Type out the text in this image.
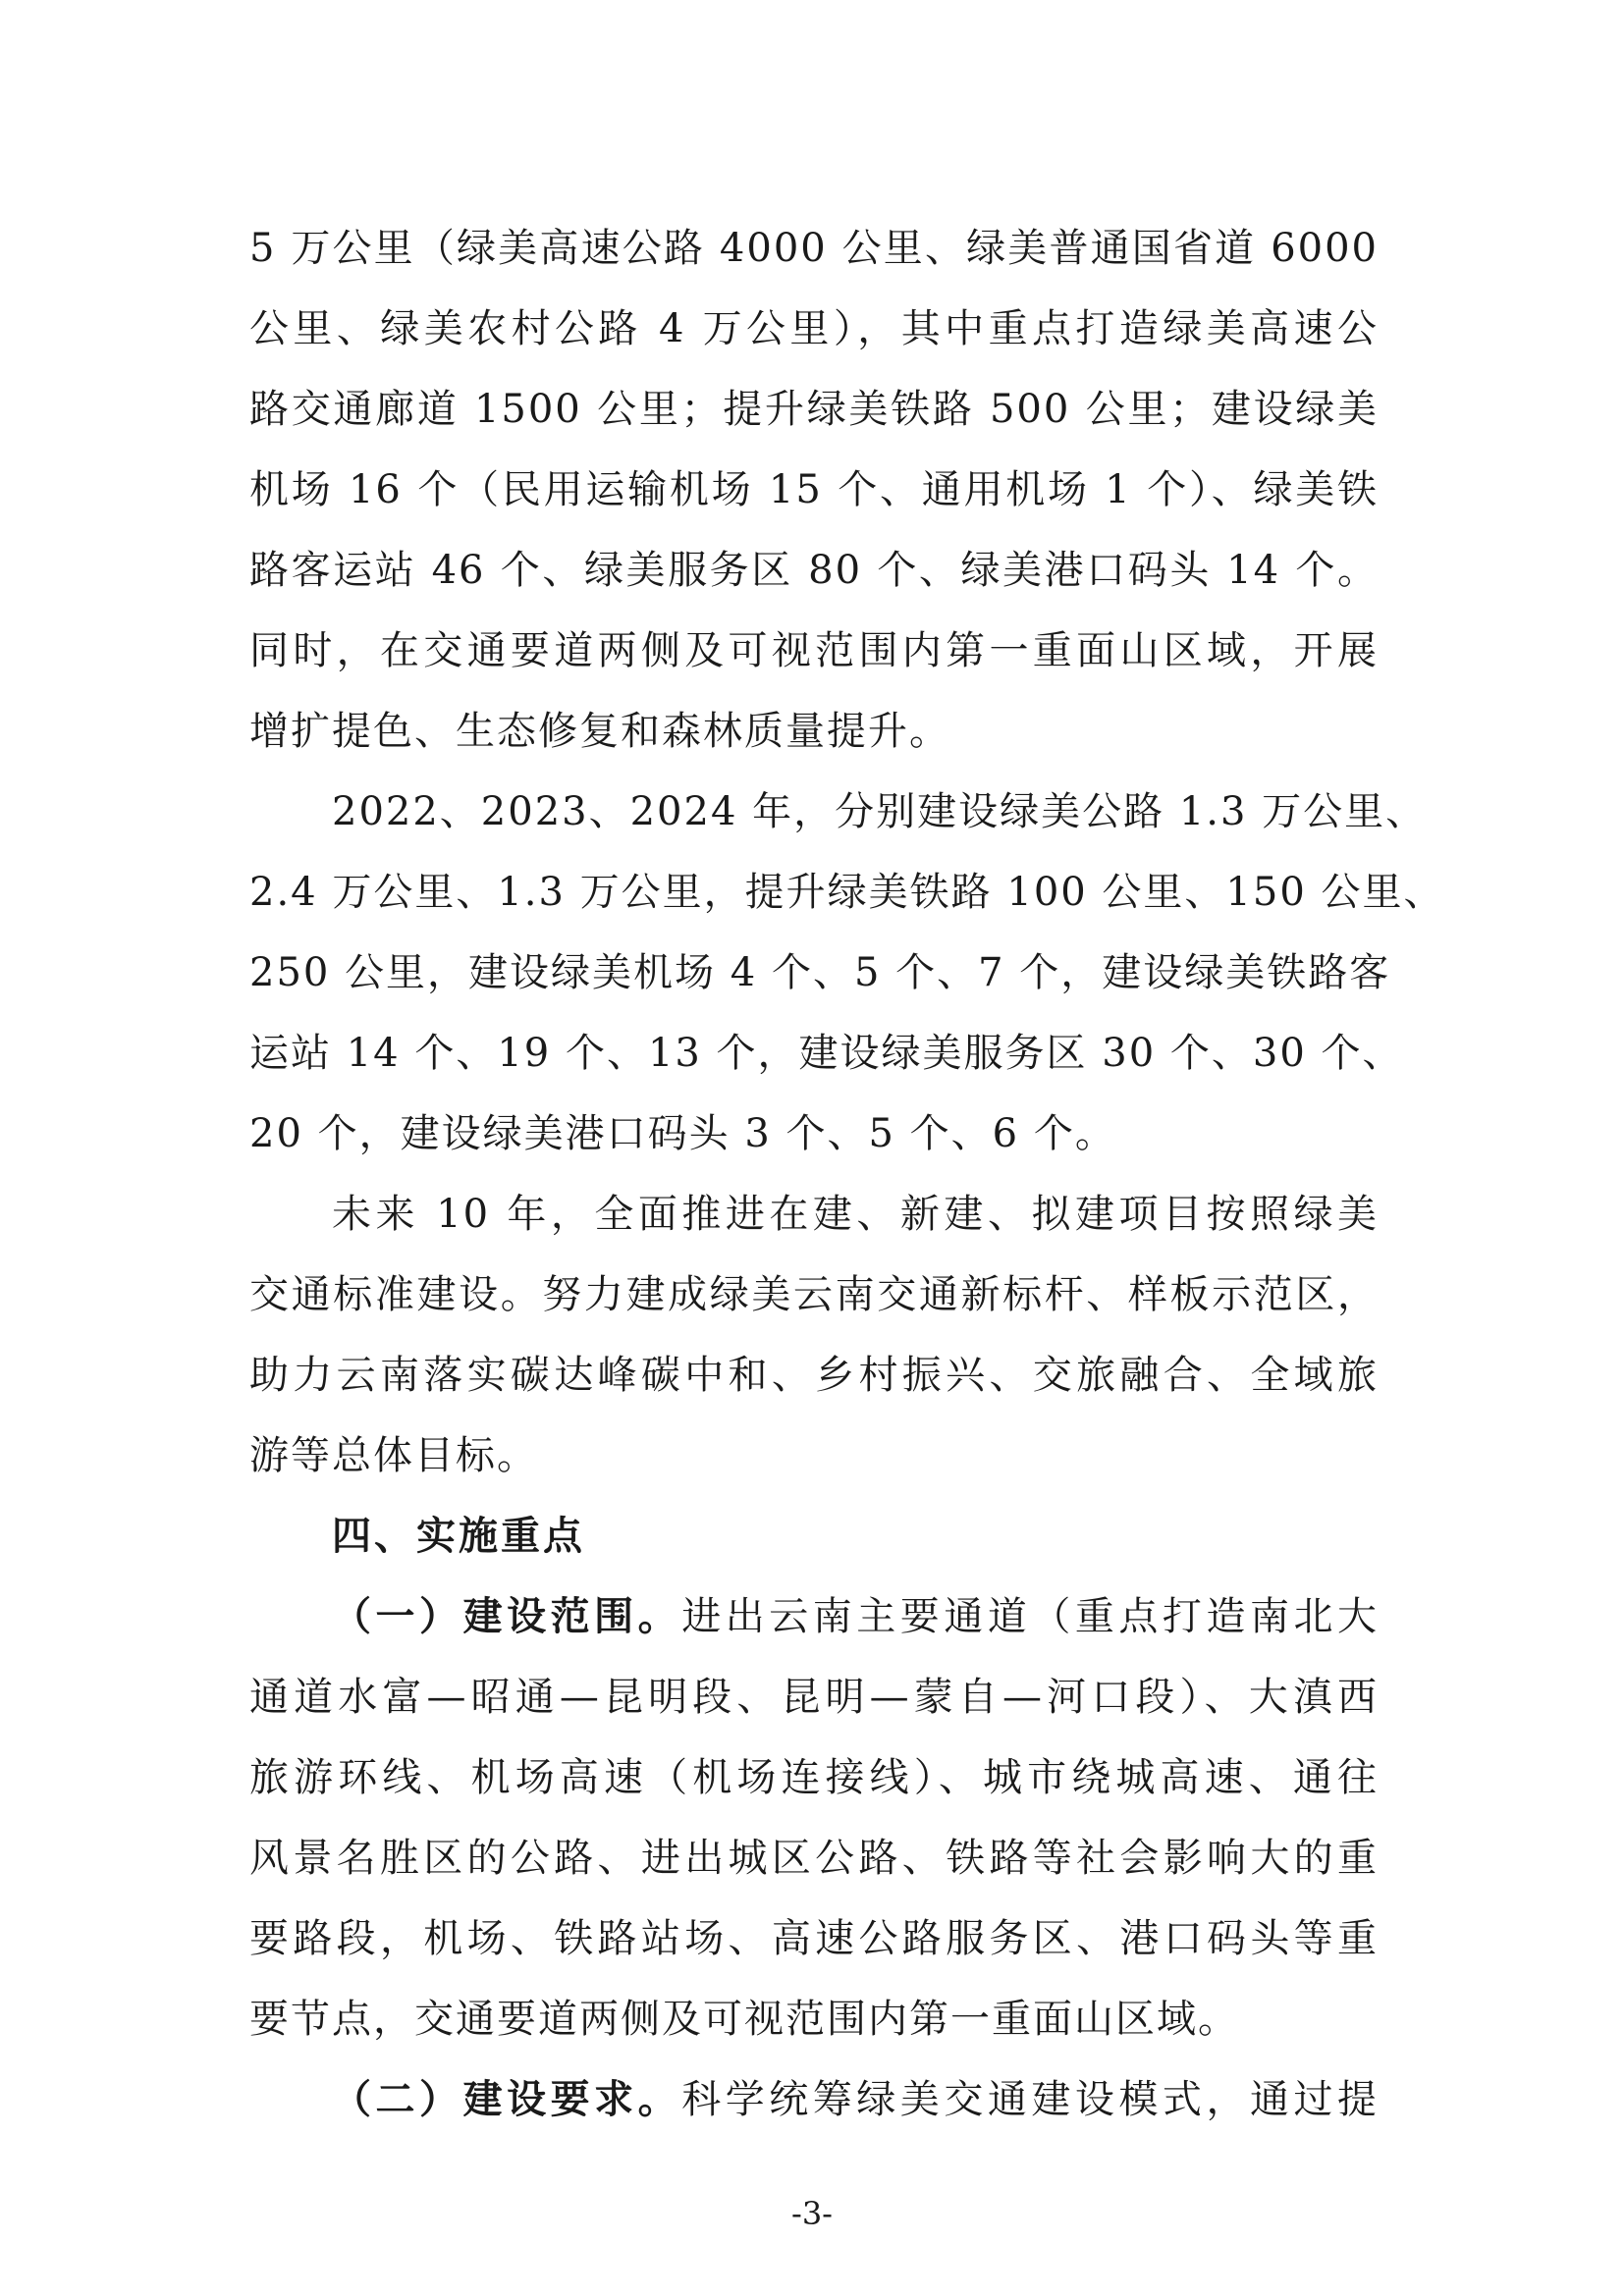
5 万公里（绿美高速公路 4000 公里、绿美普通国省道 6000
公里、绿美农村公路 4 万公里），其中重点打造绿美高速公
路交通廊道 1500 公里；提升绿美铁路 500 公里；建设绿美
机场 16 个（民用运输机场 15 个、通用机场 1 个）、绿美铁
路客运站 46 个、绿美服务区 80 个、绿美港口码头 14 个。
同时，在交通要道两侧及可视范围内第一重面山区域，开展
增扩提色、生态修复和森林质量提升。
2022、2023、2024 年，分别建设绿美公路 1.3 万公里、
2.4 万公里、1.3 万公里，提升绿美铁路 100 公里、150 公里、
250 公里，建设绿美机场 4 个、5 个、7 个，建设绿美铁路客
运站 14 个、19 个、13 个，建设绿美服务区 30 个、30 个、
20 个，建设绿美港口码头 3 个、5 个、6 个。
未来 10 年，全面推进在建、新建、拟建项目按照绿美
交通标准建设。努力建成绿美云南交通新标杆、样板示范区，
助力云南落实碳达峰碳中和、乡村振兴、交旅融合、全域旅
游等总体目标。
四、实施重点
（一）建设范围。进出云南主要通道（重点打造南北大
通道水富—昭通—昆明段、昆明—蒙自—河口段）、大滇西
旅游环线、机场高速（机场连接线）、城市绕城高速、通往
风景名胜区的公路、进出城区公路、铁路等社会影响大的重
要路段，机场、铁路站场、高速公路服务区、港口码头等重
要节点，交通要道两侧及可视范围内第一重面山区域。
（二）建设要求。科学统筹绿美交通建设模式，通过提
-3-
